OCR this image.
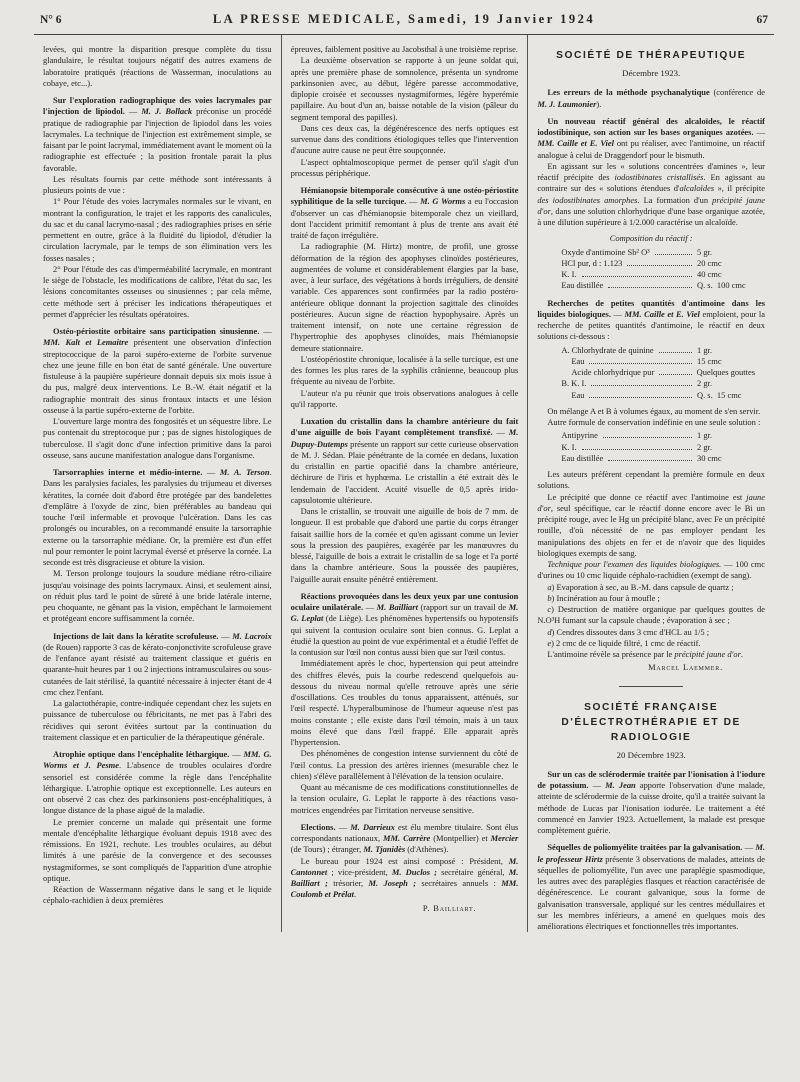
N° 6	LA PRESSE MEDICALE, Samedi, 19 Janvier 1924	67

levées, qui montre la disparition presque complète du tissu glandulaire, le résultat toujours négatif des autres examens de laboratoire pratiqués (réactions de Wasserman, inoculations au cobaye, etc...).

Sur l'exploration radiographique des voies lacrymales par l'injection de lipiodol. — M. J. Bollack préconise un procédé pratique de radiographie par l'injection de lipiodol dans les voies lacrymales. La technique de l'injection est extrêmement simple, se faisant par le point lacrymal, immédiatement avant le moment où la radiographie est effectuée ; la position frontale parait la plus favorable.

Les résultats fournis par cette méthode sont intéressants à plusieurs points de vue :

1° Pour l'étude des voies lacrymales normales sur le vivant, en montrant la configuration, le trajet et les rapports des canalicules, du sac et du canal lacrymo-nasal ; des radiographies prises en série permettent en outre, grâce à la fluidité du lipiodol, d'étudier la circulation lacrymale, par le temps de son élimination vers les fosses nasales ;

2° Pour l'étude des cas d'imperméabilité lacrymale, en montrant le siège de l'obstacle, les modifications de calibre, l'état du sac, les lésions concomitantes osseuses ou sinusiennes ; par cela même, cette méthode sert à préciser les indications thérapeutiques et permet d'apprécier les résultats opératoires.

Ostéo-périostite orbitaire sans participation sinusienne. — MM. Kalt et Lemaitre présentent une observation d'infection streptococcique de la paroi supéro-externe de l'orbite survenue chez une jeune fille en bon état de santé générale. Une ouverture fistuleuse à la paupière supérieure donnait depuis six mois issue à du pus, malgré deux interventions. Le B.-W. était négatif et la radiographie montrait des sinus frontaux intacts et une lésion osseuse à la partie supéro-externe de l'orbite.

L'ouverture large montra des fongosités et un séquestre libre. Le pus contenait du streptocoque pur ; pas de signes histologiques de tuberculose. Il s'agit donc d'une infection primitive dans la paroi osseuse, sans aucune manifestation analogue dans l'organisme.

Tarsorraphies interne et médio-interne. — M. A. Terson. Dans les paralysies faciales, les paralysies du trijumeau et diverses kératites, la cornée doit d'abord être protégée par des bandelettes d'emplâtre à l'oxyde de zinc, bien préférables au bandeau qui touche l'œil infermable et provoque l'ulcération. Dans les cas prolongés ou incurables, on a recommandé ensuite la tarsorraphie externe ou la tarsorraphie médiane. Or, la première est d'un effet nul pour remonter le point lacrymal éversé et préserve la cornée. La seconde est très disgracieuse et obture la vision.

M. Terson prolonge toujours la soudure médiane rétro-ciliaire jusqu'au voisinage des points lacrymaux. Ainsi, et seulement ainsi, on réduit plus tard le point de sûreté à une bride latérale interne, peu choquante, ne gênant pas la vision, empêchant le larmoiement et protégeant encore suffisamment la cornée.

Injections de lait dans la kératite scrofuleuse. — M. Lacroix (de Rouen) rapporte 3 cas de kérato-conjonctivite scrofuleuse grave de l'enfance ayant résisté au traitement classique et guéris en quarante-huit heures par 1 ou 2 injections intramusculaires ou sous-cutanées de lait stérilisé, la quantité nécessaire à injecter étant de 4 cmc chez l'enfant.

La galactothérapie, contre-indiquée cependant chez les sujets en puissance de tuberculose ou fébricitants, ne met pas à l'abri des récidives qui seront évitées surtout par la continuation du traitement classique et en particulier de la thérapeutique générale.

Atrophie optique dans l'encéphalite léthargique. — MM. G. Worms et J. Pesme. L'absence de troubles oculaires d'ordre sensoriel est considérée comme la règle dans l'encéphalite léthargique. L'atrophie optique est exceptionnelle. Les auteurs en ont observé 2 cas chez des parkinsoniens post-encéphalitiques, à longue distance de la phase aiguë de la maladie.

Le premier concerne un malade qui présentait une forme mentale d'encéphalite léthargique évoluant depuis 1918 avec des rémissions. En 1921, rechute. Les troubles oculaires, au début limités à une parésie de la convergence et des secousses nystagmiformes, se sont compliqués de l'apparition d'une atrophie optique.

Réaction de Wassermann négative dans le sang et le liquide céphalo-rachidien à deux premières

épreuves, faiblement positive au Jacobsthal à une troisième reprise.

La deuxième observation se rapporte à un jeune soldat qui, après une première phase de somnolence, présenta un syndrome parkinsonien avec, au début, légère paresse accommodative, diplopie croisée et secousses nystagmiformes, légère hyperémie papillaire. Au bout d'un an, baisse notable de la vision (pâleur du segment temporal des papilles).

Dans ces deux cas, la dégénérescence des nerfs optiques est survenue dans des conditions étiologiques telles que l'intervention d'aucune autre cause ne peut être soupçonnée.

L'aspect ophtalmoscopique permet de penser qu'il s'agit d'un processus périphérique.

Hémianopsie bitemporale consécutive à une ostéo-périostite syphilitique de la selle turcique. — M. G Worms a eu l'occasion d'observer un cas d'hémianopsie bitemporale chez un vieillard, dont l'accident primitif remontant à plus de trente ans avait été traité de façon irrégulière.

La radiographie (M. Hirtz) montre, de profil, une grosse déformation de la région des apophyses clinoïdes postérieures, augmentées de volume et considérablement élargies par la base, avec, à leur surface, des végétations à bords irréguliers, de densité variable. Ces apparences sont confirmées par la radio postéro-antérieure oblique donnant la projection sagittale des clinoïdes postérieures. Aucun signe de réaction hypophysaire. Après un traitement intensif, on note une certaine régression de l'hypertrophie des apophyses clinoïdes, mais l'hémianopsie demeure stationnaire.

L'ostéopériostite chronique, localisée à la selle turcique, est une des formes les plus rares de la syphilis crânienne, beaucoup plus fréquente au niveau de l'orbite.

L'auteur n'a pu réunir que trois observations analogues à celle qu'il rapporte.

Luxation du cristallin dans la chambre antérieure du fait d'une aiguille de bois l'ayant complètement transfixé. — M. Dupuy-Dutemps présente un rapport sur cette curieuse observation de M. J. Sédan. Plaie pénétrante de la cornée en dedans, luxation du cristallin en partie opacifié dans la chambre antérieure, déchirure de l'iris et hyphœma. Le cristallin a été extrait dès le lendemain de l'accident. Acuité visuelle de 0,5 après irido-capsulotomie ultérieure.

Dans le cristallin, se trouvait une aiguille de bois de 7 mm. de longueur. Il est probable que d'abord une partie du corps étranger faisait saillie hors de la cornée et qu'en agissant comme un levier sous la pression des paupières, exagérée par les manœuvres du blessé, l'aiguille de bois a extrait le cristallin de sa loge et l'a porté dans la chambre antérieure. Sous la poussée des paupières, l'aiguille aurait ensuite pénétré entièrement.

Réactions provoquées dans les deux yeux par une contusion oculaire unilatérale. — M. Bailliart (rapport sur un travail de M. G. Leplat (de Liège). Les phénomènes hypertensifs ou hypotensifs qui suivent la contusion oculaire sont bien connus. G. Leplat a étudié la question au point de vue expérimental et a étudié l'effet de la contusion sur l'œil non contus aussi bien que sur l'œil contus.

Immédiatement après le choc, hypertension qui peut atteindre des chiffres élevés, puis la courbe redescend quelquefois au-dessous du niveau normal qu'elle retrouve après une série d'oscillations. Ces troubles du tonus apparaissent, atténués, sur l'œil respecté. L'hyperalbuminose de l'humeur aqueuse n'est pas moins constante ; elle existe dans l'œil témoin, mais à un taux moins élevé que dans l'œil frappé. Elle apparait après l'hypertension.

Des phénomènes de congestion intense surviennent du côté de l'œil contus. La pression des artères iriennes (mesurable chez le chien) s'élève parallèlement à l'élévation de la tension oculaire.

Quant au mécanisme de ces modifications constitutionnelles de la tension oculaire, G. Leplat le rapporte à des réactions vaso-motrices engendrées par l'irritation nerveuse sensitive.

Elections. — M. Darrieux est élu membre titulaire. Sont élus correspondants nationaux, MM. Carrère (Montpellier) et Mercier (de Tours) ; étranger, M. Tjanidès (d'Athènes).

Le bureau pour 1924 est ainsi composé : Président, M. Cantonnet ; vice-président, M. Duclos ; secrétaire général, M. Bailliart ; trésorier, M. Joseph ; secrétaires annuels : MM. Coulomb et Prélat.

P. Bailliart.
SOCIÉTÉ DE THÉRAPEUTIQUE
Décembre 1923.

Les erreurs de la méthode psychanalytique (conférence de M. J. Laumonier).

Un nouveau réactif général des alcaloïdes, le réactif iodostibinique, son action sur les bases organiques azotées. — MM. Caille et E. Viel ont pu réaliser, avec l'antimoine, un réactif analogue à celui de Draggendorf pour le bismuth.

En agissant sur les « solutions concentrées d'amines », leur réactif précipite des iodostibinates cristallisés. En agissant au contraire sur des « solutions étendues d'alcaloïdes », il précipite des iodostibinates amorphes. La formation d'un précipité jaune d'or, dans une solution chlorhydrique d'une base organique azotée, à une dilution supérieure à 1/2.000 caractérise un alcaloïde.

Composition du réactif :
Oxyde d'antimoine Sb² O³	5 gr.
HCl pur, d : 1.123	20 cmc
K. I.	40 cmc
Eau distillée	Q. s. 100 cmc

Recherches de petites quantités d'antimoine dans les liquides biologiques. — MM. Caille et E. Viel emploient, pour la recherche de petites quantités d'antimoine, le réactif en deux solutions ci-dessous :

A. Chlorhydrate de quinine	1 gr.
Eau	15 cmc
Acide chlorhydrique pur	Quelques gouttes
B. K. I.	2 gr.
Eau	Q. s. 15 cmc

On mélange A et B à volumes égaux, au moment de s'en servir.

Autre formule de conservation indéfinie en une seule solution :

Antipyrine	1 gr.
K. I.	2 gr.
Eau distillée	30 cmc

Les auteurs préfèrent cependant la première formule en deux solutions.

Le précipité que donne ce réactif avec l'antimoine est jaune d'or, seul spécifique, car le réactif donne encore avec le Bi un précipité rouge, avec le Hg un précipité blanc, avec Fe un précipité rouille, d'où nécessité de ne pas employer pendant les manipulations des objets en fer et de n'avoir que des liquides biologiques exempts de sang.

Technique pour l'examen des liquides biologiques. — 100 cmc d'urines ou 10 cmc liquide céphalo-rachidien (exempt de sang).

a) Evaporation à sec, au B.-M. dans capsule de quartz ;

b) Incinération au four à moufle ;

c) Destruction de matière organique par quelques gouttes de N.O³H fumant sur la capsule chaude ; évaporation à sec ;

d) Cendres dissoutes dans 3 cmc d'HCL au 1/5 ;

e) 2 cmc de ce liquide filtré, 1 cmc de réactif.

L'antimoine révèle sa présence par le précipité jaune d'or.

Marcel Laemmer.
SOCIÉTÉ FRANÇAISE
D'ÉLECTROTHÉRAPIE ET DE RADIOLOGIE
20 Décembre 1923.

Sur un cas de sclérodermie traitée par l'ionisation à l'iodure de potassium. — M. Jean apporte l'observation d'une malade, atteinte de sclérodermie de la cuisse droite, qu'il a traitée suivant la méthode de Lucas par l'ionisation iodurée. Le traitement a été commencé en Janvier 1923. Actuellement, la malade est presque complètement guérie.

Séquelles de poliomyélite traitées par la galvanisation. — M. le professeur Hirtz présente 3 observations de malades, atteints de séquelles de poliomyélite, l'un avec une paraplégie spasmodique, les autres avec des paraplégies flasques et réaction caractérisée de dégénérescence. Le courant galvanique, sous la forme de galvanisation transversale, appliqué sur les centres médullaires et sur les membres inférieurs, a amené en quelques mois des améliorations électriques et fonctionnelles très importantes.
